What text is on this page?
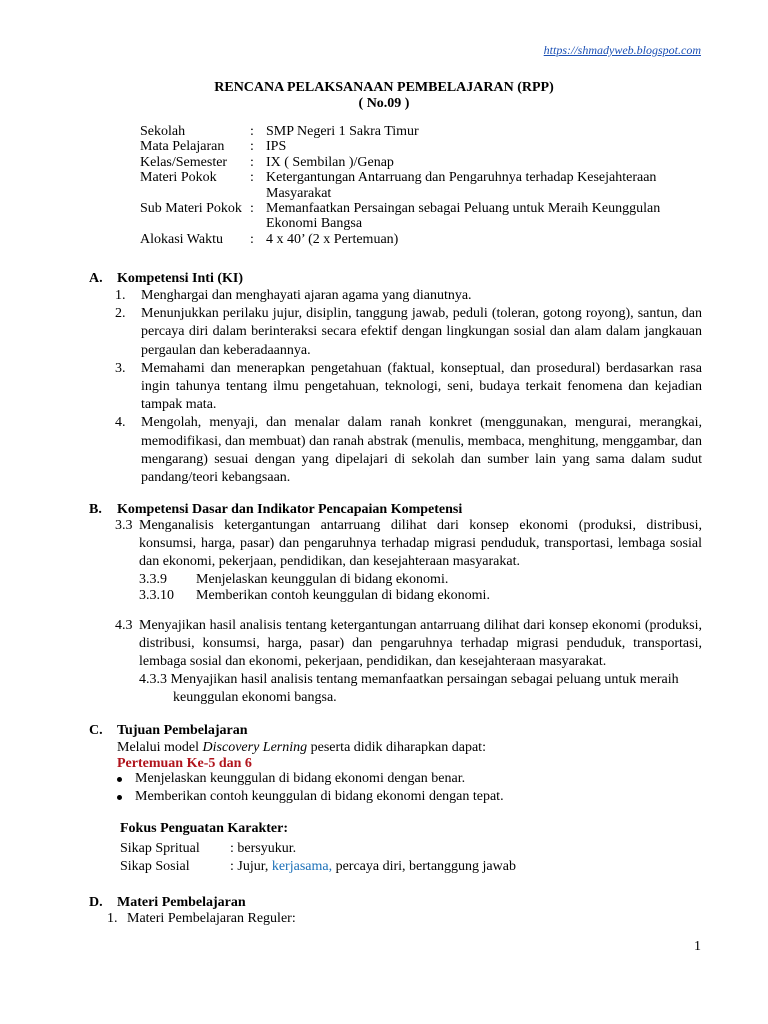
https://shmadyweb.blogspot.com
RENCANA PELAKSANAAN PEMBELAJARAN (RPP)
( No.09 )
Sekolah	:	SMP Negeri 1 Sakra Timur
Mata Pelajaran	:	IPS
Kelas/Semester	:	IX ( Sembilan )/Genap
Materi Pokok	:	Ketergantungan Antarruang dan Pengaruhnya terhadap Kesejahteraan Masyarakat
Sub Materi Pokok	:	Memanfaatkan Persaingan sebagai Peluang untuk Meraih Keunggulan Ekonomi Bangsa
Alokasi Waktu	:	4 x 40’ (2 x Pertemuan)
A. Kompetensi Inti (KI)
1. Menghargai dan menghayati ajaran agama yang dianutnya.
2. Menunjukkan perilaku jujur, disiplin, tanggung jawab, peduli (toleran, gotong royong), santun, dan percaya diri dalam berinteraksi secara efektif dengan lingkungan sosial dan alam dalam jangkauan pergaulan dan keberadaannya.
3. Memahami dan menerapkan pengetahuan (faktual, konseptual, dan prosedural) berdasarkan rasa ingin tahunya tentang ilmu pengetahuan, teknologi, seni, budaya terkait fenomena dan kejadian tampak mata.
4. Mengolah, menyaji, dan menalar dalam ranah konkret (menggunakan, mengurai, merangkai, memodifikasi, dan membuat) dan ranah abstrak (menulis, membaca, menghitung, menggambar, dan mengarang) sesuai dengan yang dipelajari di sekolah dan sumber lain yang sama dalam sudut pandang/teori kebangsaan.
B. Kompetensi Dasar dan Indikator Pencapaian Kompetensi
3.3 Menganalisis ketergantungan antarruang dilihat dari konsep ekonomi (produksi, distribusi, konsumsi, harga, pasar) dan pengaruhnya terhadap migrasi penduduk, transportasi, lembaga sosial dan ekonomi, pekerjaan, pendidikan, dan kesejahteraan masyarakat.
3.3.9 Menjelaskan keunggulan di bidang ekonomi.
3.3.10 Memberikan contoh keunggulan di bidang ekonomi.
4.3 Menyajikan hasil analisis tentang ketergantungan antarruang dilihat dari konsep ekonomi (produksi, distribusi, konsumsi, harga, pasar) dan pengaruhnya terhadap migrasi penduduk, transportasi, lembaga sosial dan ekonomi, pekerjaan, pendidikan, dan kesejahteraan masyarakat.
4.3.3 Menyajikan hasil analisis tentang memanfaatkan persaingan sebagai peluang untuk meraih keunggulan ekonomi bangsa.
C. Tujuan Pembelajaran
Melalui model Discovery Lerning peserta didik diharapkan dapat:
Pertemuan Ke-5 dan 6
Menjelaskan keunggulan di bidang ekonomi dengan benar.
Memberikan contoh keunggulan di bidang ekonomi dengan tepat.
Fokus Penguatan Karakter:
Sikap Spritual	: bersyukur.
Sikap Sosial	: Jujur, kerjasama, percaya diri, bertanggung jawab
D. Materi Pembelajaran
1. Materi Pembelajaran Reguler:
1
